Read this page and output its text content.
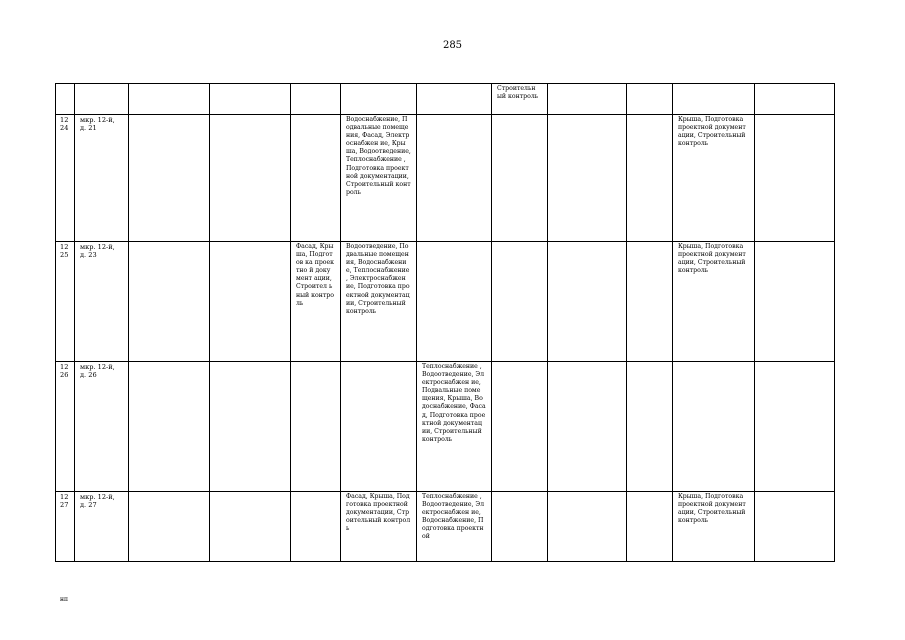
285
							Строительн ый контроль				
12 24	мкр. 12-й, д. 21				Водоснабжение, Подвальные помещения, Фасад, Электроснабжен ие, Крыша, Водоотведение, Теплоснабжение , Подготовка проектной документации, Строительный контроль					Крыша, Подготовка проектной документации, Строительный контроль	
12 25	мкр. 12-й, д. 23			Фасад, Крыша, Подготов ка проектно й документ ации, Строител ьный контроль	Водоотведение, Подвальные помещения, Водоснабжение, Теплоснабжение , Электроснабжен ие, Подготовка проектной документации, Строительный контроль					Крыша, Подготовка проектной документации, Строительный контроль	
12 26	мкр. 12-й, д. 26					Теплоснабжение , Водоотведение, Электроснабжен ие, Подвальные помещения, Крыша, Водоснабжение, Фасад, Подготовка проектной документации, Строительный контроль					
12 27	мкр. 12-й, д. 27				Фасад, Крыша, Подготовка проектной документации, Строительный контроль	Теплоснабжение , Водоотведение, Электроснабжен ие, Водоснабжение, Подготовка проектной				Крыша, Подготовка проектной документации, Строительный контроль	
нп
